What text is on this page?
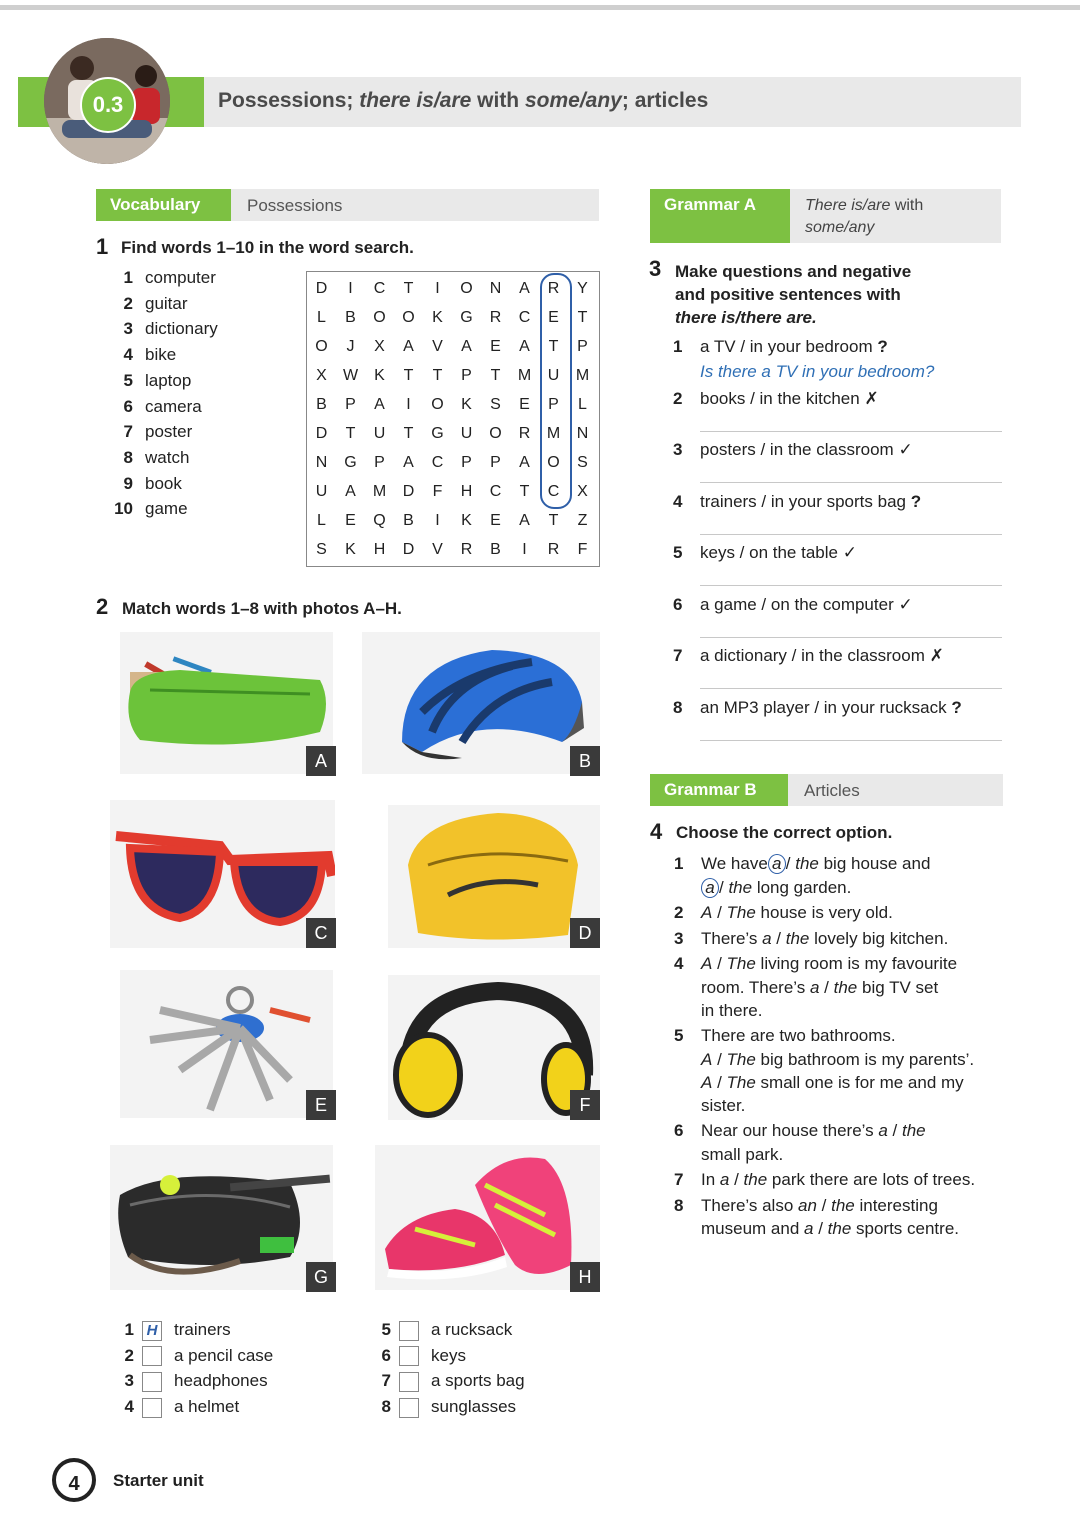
0.3	Possessions; there is/are with some/any; articles
Vocabulary	Possessions
1 Find words 1–10 in the word search.
1 computer
2 guitar
3 dictionary
4 bike
5 laptop
6 camera
7 poster
8 watch
9 book
10 game
D	I	C	T	I	O	N	A	R	Y
L	B	O	O	K	G	R	C	E	T
O	J	X	A	V	A	E	A	T	P
X	W	K	T	T	P	T	M	U	M
B	P	A	I	O	K	S	E	P	L
D	T	U	T	G	U	O	R	M	N
N	G	P	A	C	P	P	A	O	S
U	A	M	D	F	H	C	T	C	X
L	E	Q	B	I	K	E	A	T	Z
S	K	H	D	V	R	B	I	R	F
2 Match words 1–8 with photos A–H.
A	B
C	D
E	F
G	H
1 H trainers
2 a pencil case
3 headphones
4 a helmet
5 a rucksack
6 keys
7 a sports bag
8 sunglasses
Grammar A	There is/are with
some/any
3 Make questions and negative
and positive sentences with
there is/there are.
1 a TV / in your bedroom ?
2 books / in the kitchen ✗
3 posters / in the classroom ✓
4 trainers / in your sports bag ?
5 keys / on the table ✓
6 a game / on the computer ✓
7 a dictionary / in the classroom ✗
8 an MP3 player / in your rucksack ?
Is there a TV in your bedroom?
Grammar B	Articles
4 Choose the correct option.
1 We have a / the big house and
a / the long garden.
2 A / The house is very old.
3 There’s a / the lovely big kitchen.
4 A / The living room is my favourite
room. There’s a / the big TV set
in there.
5 There are two bathrooms.
A / The big bathroom is my parents’.
A / The small one is for me and my
sister.
6 Near our house there’s a / the
small park.
7 In a / the park there are lots of trees.
8 There’s also an / the interesting
museum and a / the sports centre.
4	Starter unit
